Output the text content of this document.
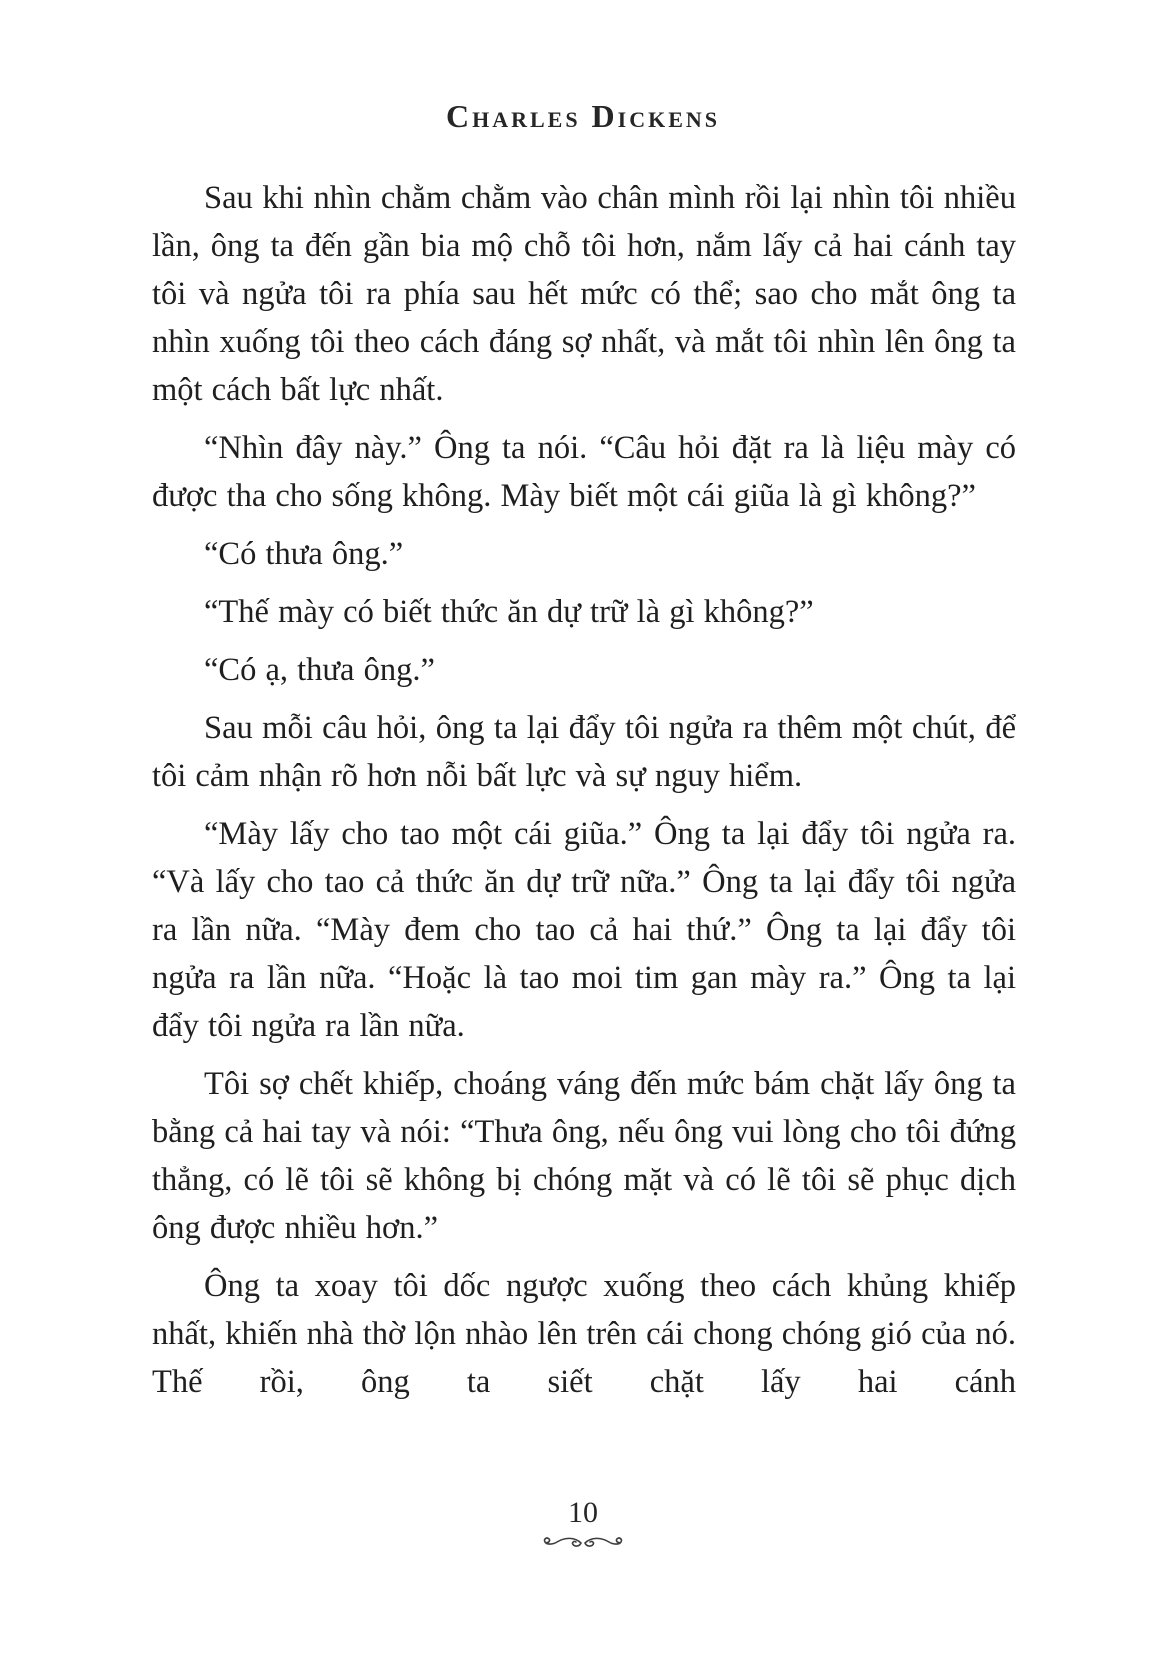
Charles Dickens

Sau khi nhìn chằm chằm vào chân mình rồi lại nhìn tôi nhiều lần, ông ta đến gần bia mộ chỗ tôi hơn, nắm lấy cả hai cánh tay tôi và ngửa tôi ra phía sau hết mức có thể; sao cho mắt ông ta nhìn xuống tôi theo cách đáng sợ nhất, và mắt tôi nhìn lên ông ta một cách bất lực nhất.

“Nhìn đây này.” Ông ta nói. “Câu hỏi đặt ra là liệu mày có được tha cho sống không. Mày biết một cái giũa là gì không?”

“Có thưa ông.”

“Thế mày có biết thức ăn dự trữ là gì không?”

“Có ạ, thưa ông.”

Sau mỗi câu hỏi, ông ta lại đẩy tôi ngửa ra thêm một chút, để tôi cảm nhận rõ hơn nỗi bất lực và sự nguy hiểm.

“Mày lấy cho tao một cái giũa.” Ông ta lại đẩy tôi ngửa ra. “Và lấy cho tao cả thức ăn dự trữ nữa.” Ông ta lại đẩy tôi ngửa ra lần nữa. “Mày đem cho tao cả hai thứ.” Ông ta lại đẩy tôi ngửa ra lần nữa. “Hoặc là tao moi tim gan mày ra.” Ông ta lại đẩy tôi ngửa ra lần nữa.

Tôi sợ chết khiếp, choáng váng đến mức bám chặt lấy ông ta bằng cả hai tay và nói: “Thưa ông, nếu ông vui lòng cho tôi đứng thẳng, có lẽ tôi sẽ không bị chóng mặt và có lẽ tôi sẽ phục dịch ông được nhiều hơn.”

Ông ta xoay tôi dốc ngược xuống theo cách khủng khiếp nhất, khiến nhà thờ lộn nhào lên trên cái chong chóng gió của nó. Thế rồi, ông ta siết chặt lấy hai cánh

10
